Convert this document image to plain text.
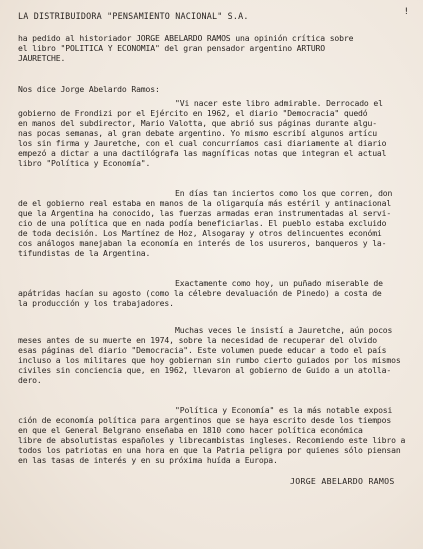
!
LA DISTRIBUIDORA "PENSAMIENTO NACIONAL" S.A.
ha pedido al historiador JORGE ABELARDO RAMOS una opinión crítica sobre
el libro "POLITICA Y ECONOMIA" del gran pensador argentino ARTURO
JAURETCHE.
Nos dice Jorge Abelardo Ramos:
"Vi nacer este libro admirable. Derrocado el
gobierno de Frondizi por el Ejército en 1962, el diario "Democracia" quedó
en manos del subdirector, Mario Valotta, que abrió sus páginas durante algu-
nas pocas semanas, al gran debate argentino. Yo mismo escribí algunos artícu
los sin firma y Jauretche, con el cual concurríamos casi diariamente al diario
empezó a dictar a una dactilógrafa las magníficas notas que integran el actual
libro "Política y Economía".
En días tan inciertos como los que corren, don
de el gobierno real estaba en manos de la oligarquía más estéril y antinacional
que la Argentina ha conocido, las fuerzas armadas eran instrumentadas al servi-
cio de una política que en nada podía beneficiarlas. El pueblo estaba excluido
de toda decisión. Los Martínez de Hoz, Alsogaray y otros delincuentes económi
cos análogos manejaban la economía en interés de los usureros, banqueros y la-
tifundistas de la Argentina.
Exactamente como hoy, un puñado miserable de
apátridas hacían su agosto (como la célebre devaluación de Pinedo) a costa de
la producción y los trabajadores.
Muchas veces le insistí a Jauretche, aún pocos
meses antes de su muerte en 1974, sobre la necesidad de recuperar del olvido
esas páginas del diario "Democracia". Este volumen puede educar a todo el país
incluso a los militares que hoy gobiernan sin rumbo cierto guiados por los mismos
civiles sin conciencia que, en 1962, llevaron al gobierno de Guido a un atolla-
dero.
"Política y Economía" es la más notable exposi
ción de economía política para argentinos que se haya escrito desde los tiempos
en que el General Belgrano enseñaba en 1810 como hacer política económica
libre de absolutistas españoles y librecambistas ingleses. Recomiendo este libro a
todos los patriotas en una hora en que la Patria peligra por quienes sólo piensan
en las tasas de interés y en su próxima huída a Europa.
JORGE ABELARDO RAMOS
